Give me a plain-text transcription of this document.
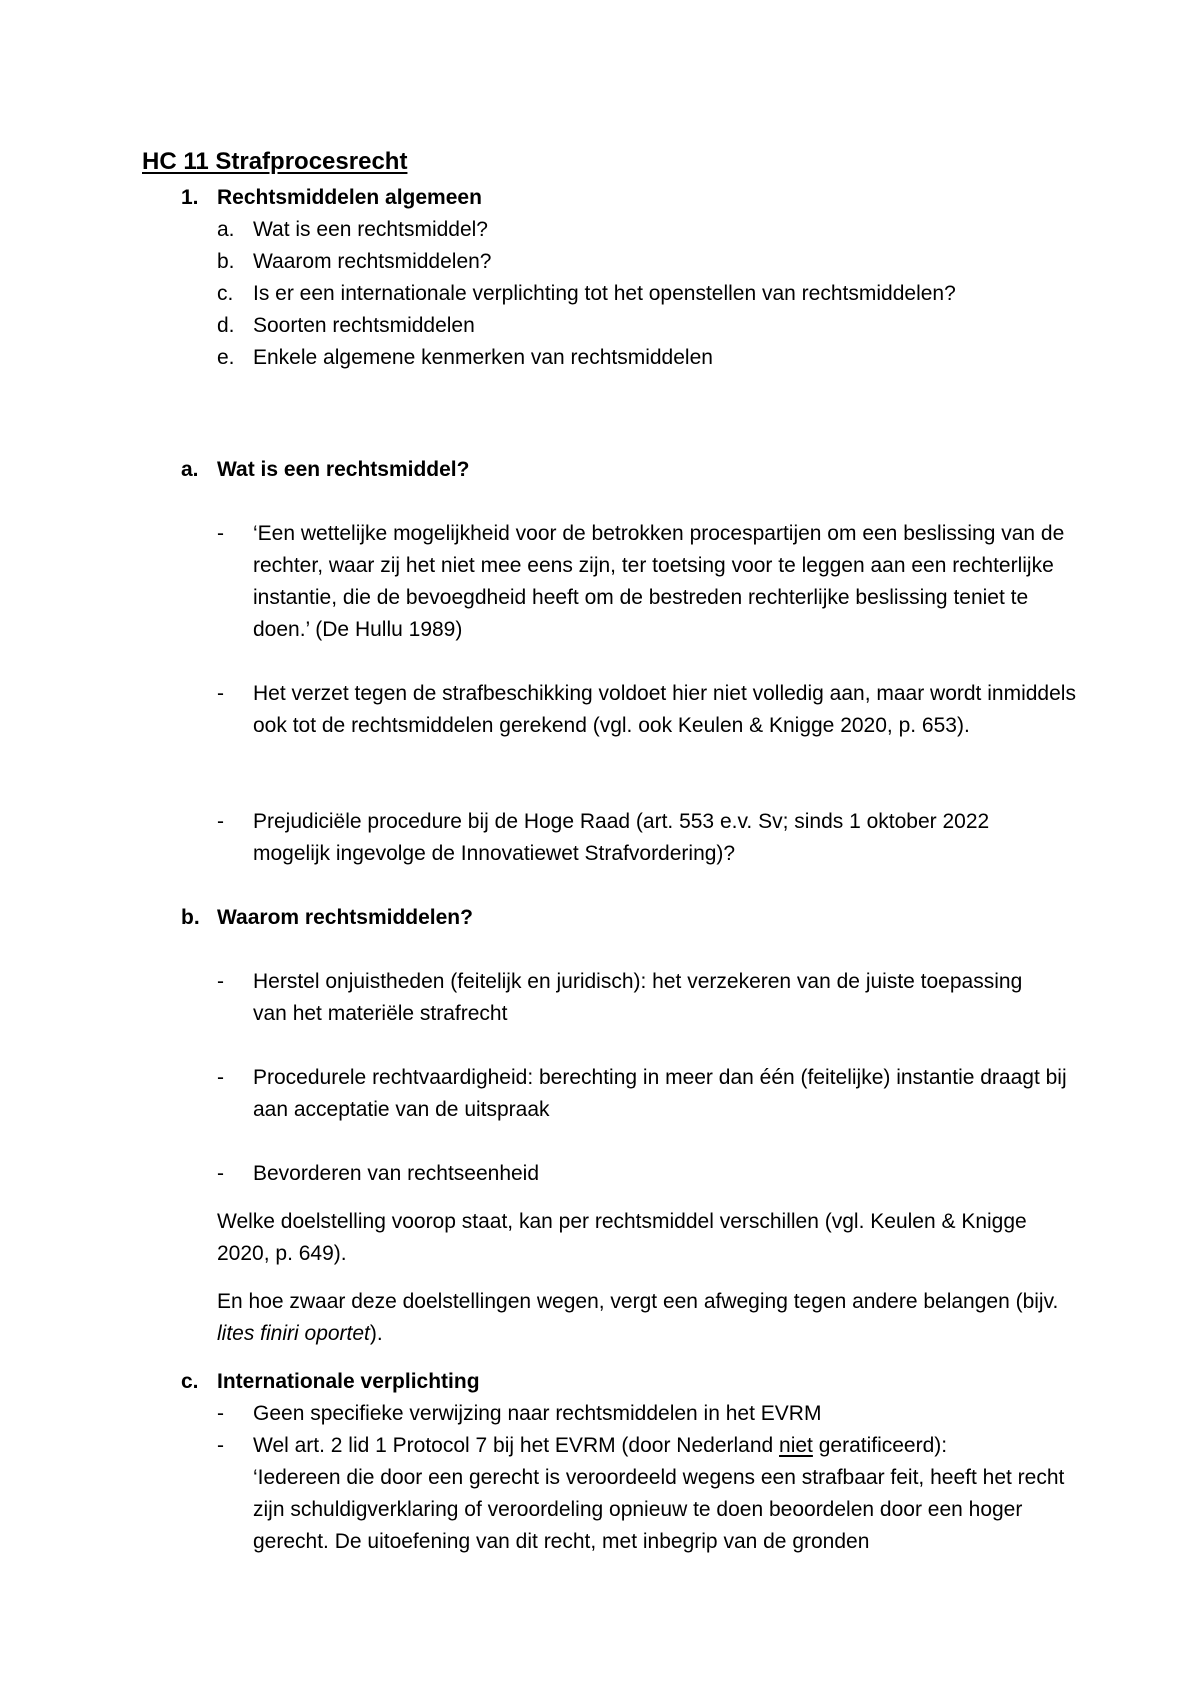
HC 11 Strafprocesrecht
1. Rechtsmiddelen algemeen
a. Wat is een rechtsmiddel?
b. Waarom rechtsmiddelen?
c. Is er een internationale verplichting tot het openstellen van rechtsmiddelen?
d. Soorten rechtsmiddelen
e. Enkele algemene kenmerken van rechtsmiddelen
a. Wat is een rechtsmiddel?
- ‘Een wettelijke mogelijkheid voor de betrokken procespartijen om een beslissing van de rechter, waar zij het niet mee eens zijn, ter toetsing voor te leggen aan een rechterlijke instantie, die de bevoegdheid heeft om de bestreden rechterlijke beslissing teniet te doen.’ (De Hullu 1989)
- Het verzet tegen de strafbeschikking voldoet hier niet volledig aan, maar wordt inmiddels ook tot de rechtsmiddelen gerekend (vgl. ook Keulen & Knigge 2020, p. 653).
- Prejudiciële procedure bij de Hoge Raad (art. 553 e.v. Sv; sinds 1 oktober 2022 mogelijk ingevolge de Innovatiewet Strafvordering)?
b. Waarom rechtsmiddelen?
- Herstel onjuistheden (feitelijk en juridisch): het verzekeren van de juiste toepassing van het materiële strafrecht
- Procedurele rechtvaardigheid: berechting in meer dan één (feitelijke) instantie draagt bij aan acceptatie van de uitspraak
- Bevorderen van rechtseenheid
Welke doelstelling voorop staat, kan per rechtsmiddel verschillen (vgl. Keulen & Knigge 2020, p. 649).
En hoe zwaar deze doelstellingen wegen, vergt een afweging tegen andere belangen (bijv. lites finiri oportet).
c. Internationale verplichting
- Geen specifieke verwijzing naar rechtsmiddelen in het EVRM
- Wel art. 2 lid 1 Protocol 7 bij het EVRM (door Nederland niet geratificeerd):
‘Iedereen die door een gerecht is veroordeeld wegens een strafbaar feit, heeft het recht zijn schuldigverklaring of veroordeling opnieuw te doen beoordelen door een hoger gerecht. De uitoefening van dit recht, met inbegrip van de gronden
